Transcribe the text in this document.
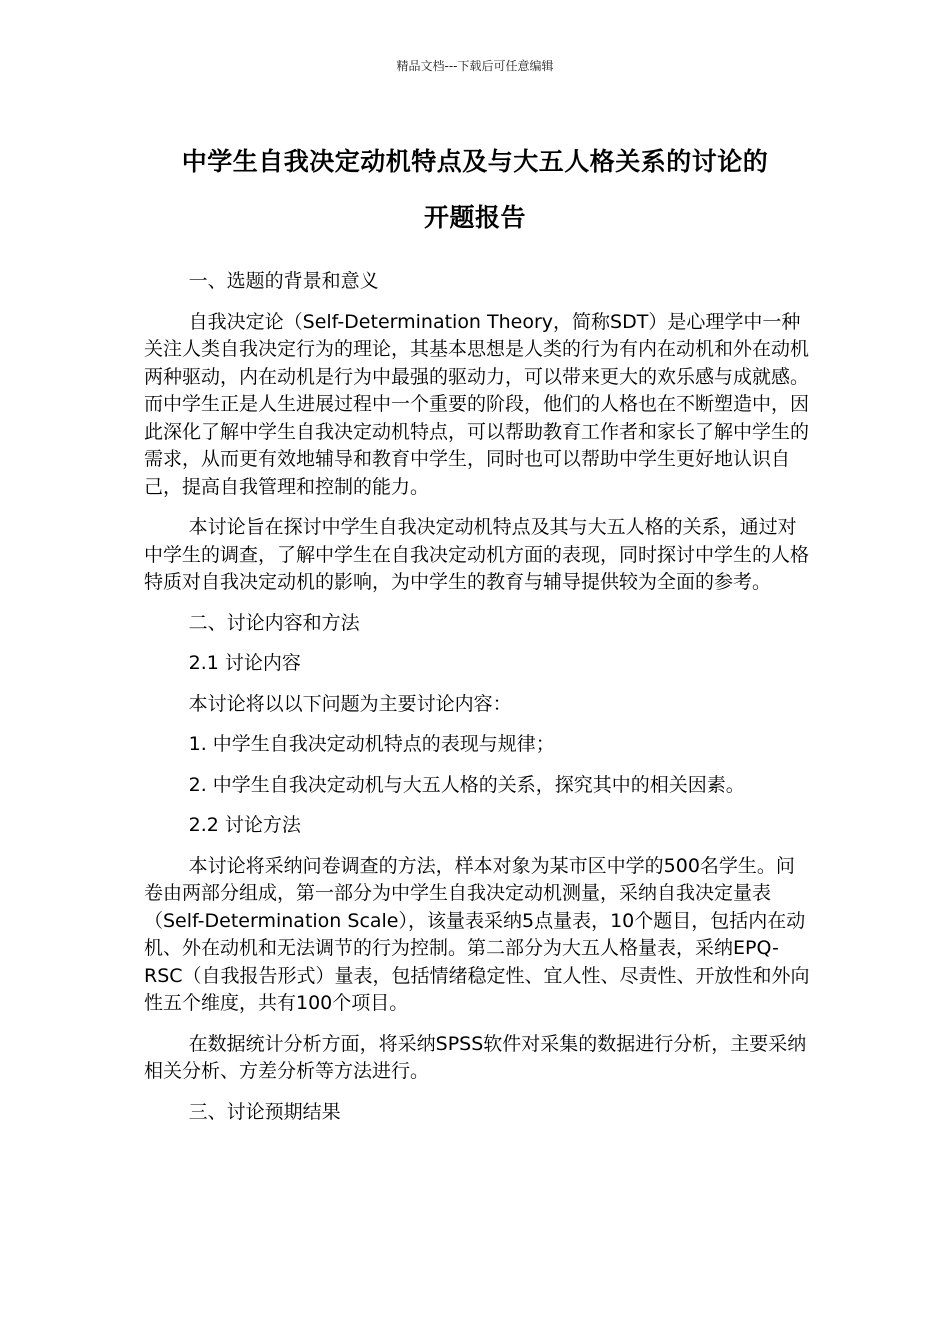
精品文档---下载后可任意编辑
中学生自我决定动机特点及与大五人格关系的讨论的
开题报告
一、选题的背景和意义

自我决定论（Self-Determination Theory，简称SDT）是心理学中一种关注人类自我决定行为的理论，其基本思想是人类的行为有内在动机和外在动机两种驱动，内在动机是行为中最强的驱动力，可以带来更大的欢乐感与成就感。而中学生正是人生进展过程中一个重要的阶段，他们的人格也在不断塑造中，因此深化了解中学生自我决定动机特点，可以帮助教育工作者和家长了解中学生的需求，从而更有效地辅导和教育中学生，同时也可以帮助中学生更好地认识自己，提高自我管理和控制的能力。

本讨论旨在探讨中学生自我决定动机特点及其与大五人格的关系，通过对中学生的调查，了解中学生在自我决定动机方面的表现，同时探讨中学生的人格特质对自我决定动机的影响，为中学生的教育与辅导提供较为全面的参考。

二、讨论内容和方法
2.1 讨论内容
本讨论将以以下问题为主要讨论内容：
1. 中学生自我决定动机特点的表现与规律；
2. 中学生自我决定动机与大五人格的关系，探究其中的相关因素。
2.2 讨论方法

本讨论将采纳问卷调查的方法，样本对象为某市区中学的500名学生。问卷由两部分组成，第一部分为中学生自我决定动机测量，采纳自我决定量表（Self-Determination Scale），该量表采纳5点量表，10个题目，包括内在动机、外在动机和无法调节的行为控制。第二部分为大五人格量表，采纳EPQ-RSC（自我报告形式）量表，包括情绪稳定性、宜人性、尽责性、开放性和外向性五个维度，共有100个项目。

在数据统计分析方面，将采纳SPSS软件对采集的数据进行分析，主要采纳相关分析、方差分析等方法进行。

三、讨论预期结果
